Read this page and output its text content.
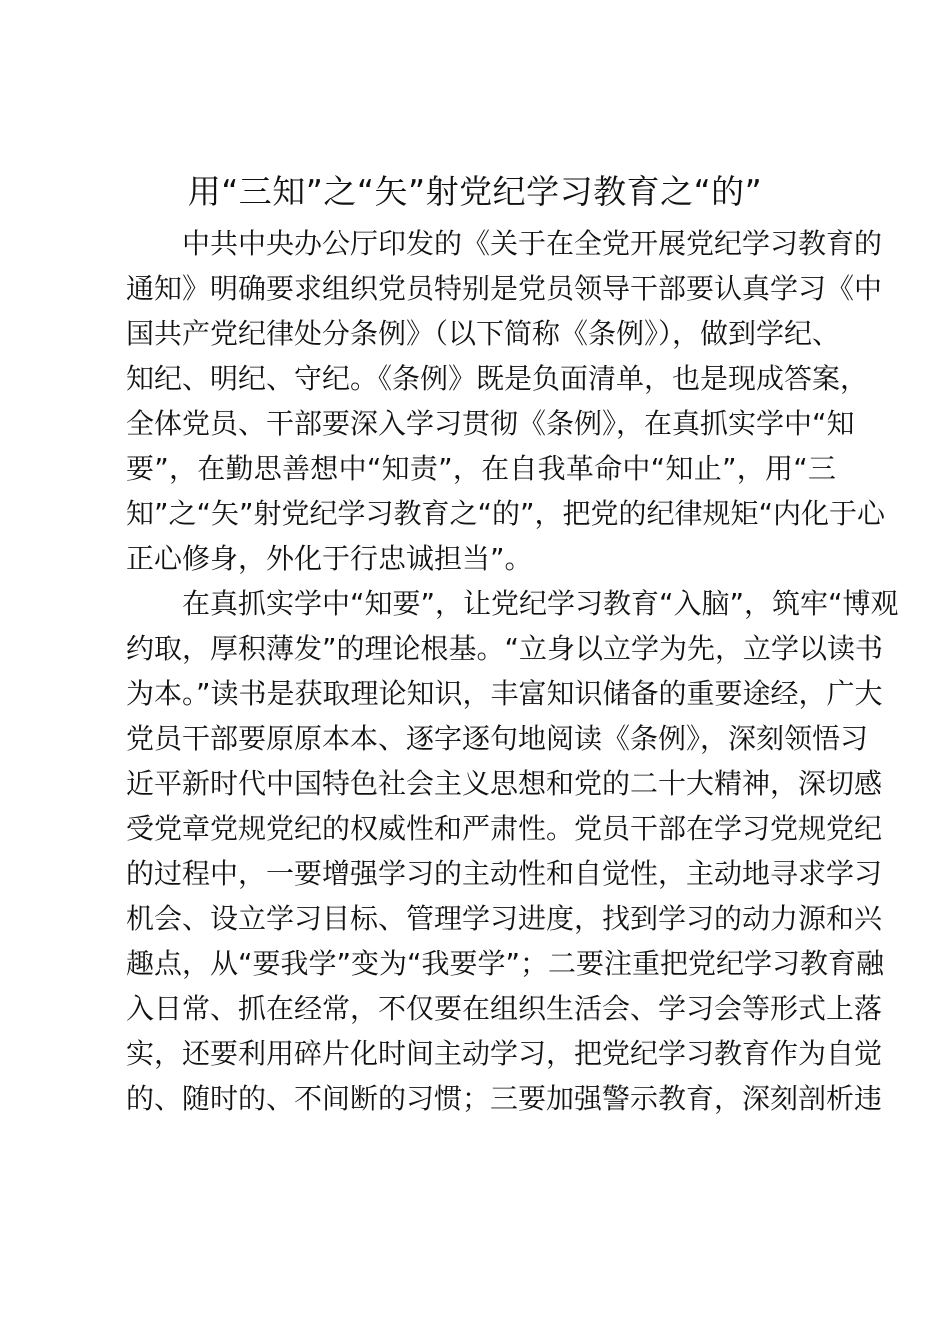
用“三知”之“矢”射党纪学习教育之“的”
中共中央办公厅印发的《关于在全党开展党纪学习教育的
通知》明确要求组织党员特别是党员领导干部要认真学习《中
国共产党纪律处分条例》（以下简称《条例》），做到学纪、
知纪、明纪、守纪。《条例》既是负面清单，也是现成答案，
全体党员、干部要深入学习贯彻《条例》，在真抓实学中“知
要”，在勤思善想中“知责”，在自我革命中“知止”，用“三
知”之“矢”射党纪学习教育之“的”，把党的纪律规矩“内化于心
正心修身，外化于行忠诚担当”。
在真抓实学中“知要”，让党纪学习教育“入脑”，筑牢“博观
约取，厚积薄发”的理论根基。“立身以立学为先，立学以读书
为本。”读书是获取理论知识，丰富知识储备的重要途经，广大
党员干部要原原本本、逐字逐句地阅读《条例》，深刻领悟习
近平新时代中国特色社会主义思想和党的二十大精神，深切感
受党章党规党纪的权威性和严肃性。党员干部在学习党规党纪
的过程中，一要增强学习的主动性和自觉性，主动地寻求学习
机会、设立学习目标、管理学习进度，找到学习的动力源和兴
趣点，从“要我学”变为“我要学”；二要注重把党纪学习教育融
入日常、抓在经常，不仅要在组织生活会、学习会等形式上落
实，还要利用碎片化时间主动学习，把党纪学习教育作为自觉
的、随时的、不间断的习惯；三要加强警示教育，深刻剖析违
